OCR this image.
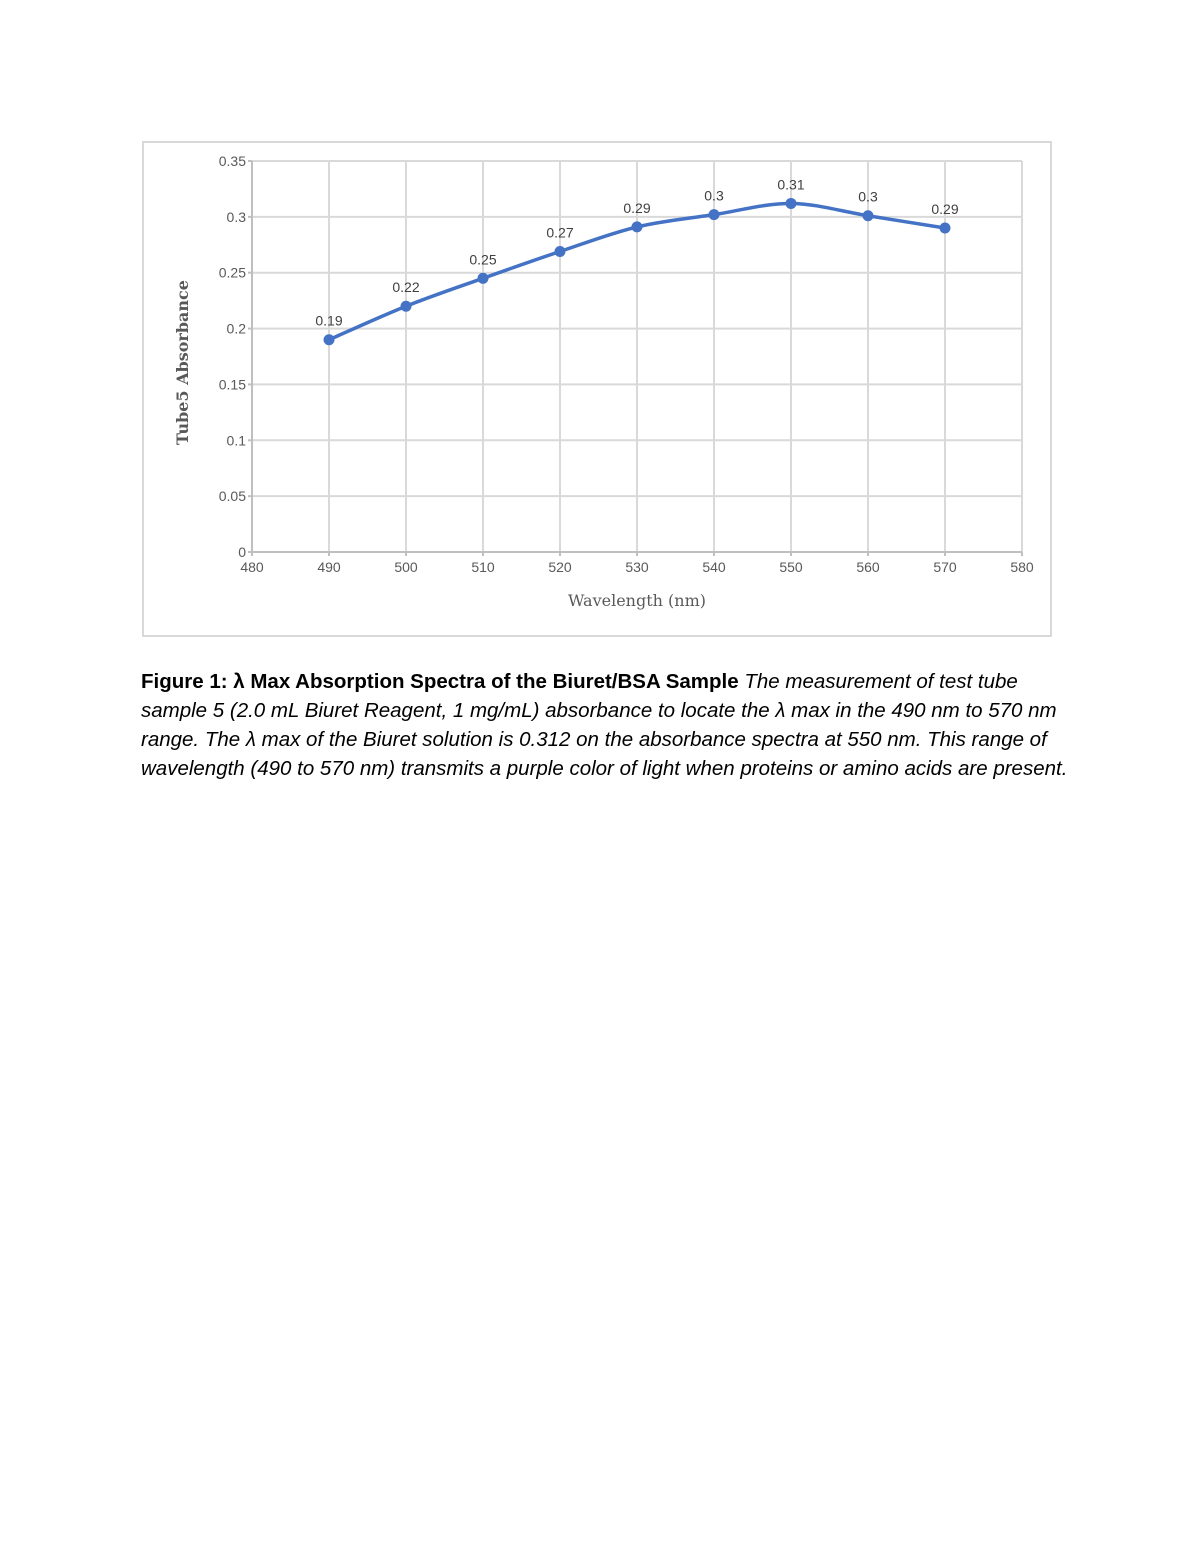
0
0.05
0.1
0.15
0.2
0.25
0.3
0.35
480	490	500	510	520	530	540	550	560	570	580
0.19
0.22
0.25
0.27
0.29
0.3
0.31
0.3
0.29
Wavelength (nm)
Tube5 Absorbance
Figure 1: λ Max Absorption Spectra of the Biuret/BSA Sample The measurement of test tube sample 5 (2.0 mL Biuret Reagent, 1 mg/mL) absorbance to locate the λ max in the 490 nm to 570 nm range. The λ max of the Biuret solution is 0.312 on the absorbance spectra at 550 nm. This range of wavelength (490 to 570 nm) transmits a purple color of light when proteins or amino acids are present.
